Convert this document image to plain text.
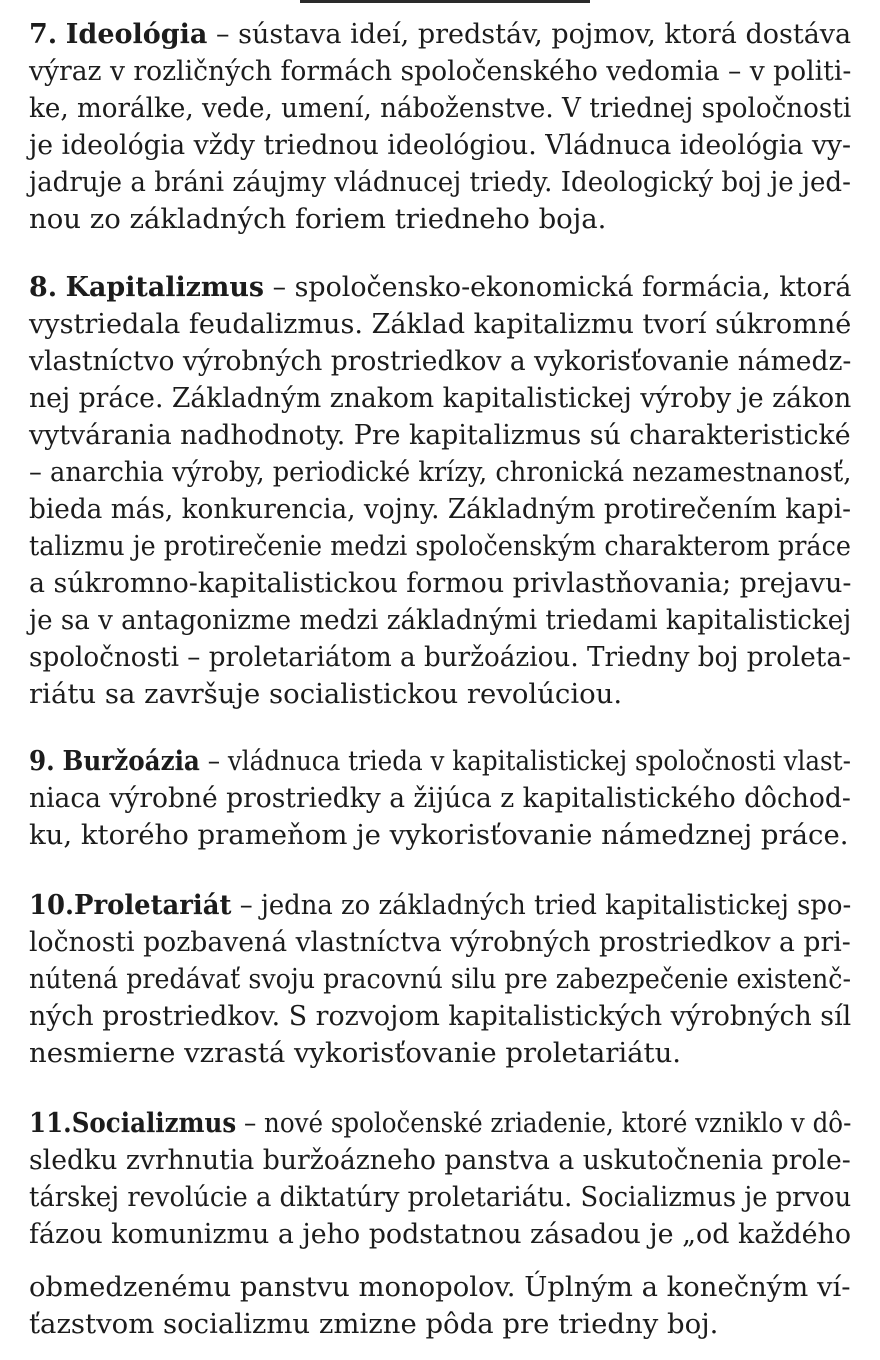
7. Ideológia – sústava ideí, predstáv, pojmov, ktorá dostáva
výraz v rozličných formách spoločenského vedomia – v politi-
ke, morálke, vede, umení, náboženstve. V triednej spoločnosti
je ideológia vždy triednou ideológiou. Vládnuca ideológia vy-
jadruje a bráni záujmy vládnucej triedy. Ideologický boj je jed-
nou zo základných foriem triedneho boja.
8. Kapitalizmus – spoločensko-ekonomická formácia, ktorá
vystriedala feudalizmus. Základ kapitalizmu tvorí súkromné
vlastníctvo výrobných prostriedkov a vykorisťovanie námedz-
nej práce. Základným znakom kapitalistickej výroby je zákon
vytvárania nadhodnoty. Pre kapitalizmus sú charakteristické
– anarchia výroby, periodické krízy, chronická nezamestnanosť,
bieda más, konkurencia, vojny. Základným protirečením kapi-
talizmu je protirečenie medzi spoločenským charakterom práce
a súkromno-kapitalistickou formou privlastňovania; prejavu-
je sa v antagonizme medzi základnými triedami kapitalistickej
spoločnosti – proletariátom a buržoáziou. Triedny boj proleta-
riátu sa završuje socialistickou revolúciou.
9. Buržoázia – vládnuca trieda v kapitalistickej spoločnosti vlast-
niaca výrobné prostriedky a žijúca z kapitalistického dôchod-
ku, ktorého prameňom je vykorisťovanie námedznej práce.
10.Proletariát – jedna zo základných tried kapitalistickej spo-
ločnosti pozbavená vlastníctva výrobných prostriedkov a pri-
nútená predávať svoju pracovnú silu pre zabezpečenie existenč-
ných prostriedkov. S rozvojom kapitalistických výrobných síl
nesmierne vzrastá vykorisťovanie proletariátu.
11.Socializmus – nové spoločenské zriadenie, ktoré vzniklo v dô-
sledku zvrhnutia buržoázneho panstva a uskutočnenia prole-
társkej revolúcie a diktatúry proletariátu. Socializmus je prvou
fázou komunizmu a jeho podstatnou zásadou je „od každého
obmedzenému panstvu monopolov. Úplným a konečným ví-
ťazstvom socializmu zmizne pôda pre triedny boj.
